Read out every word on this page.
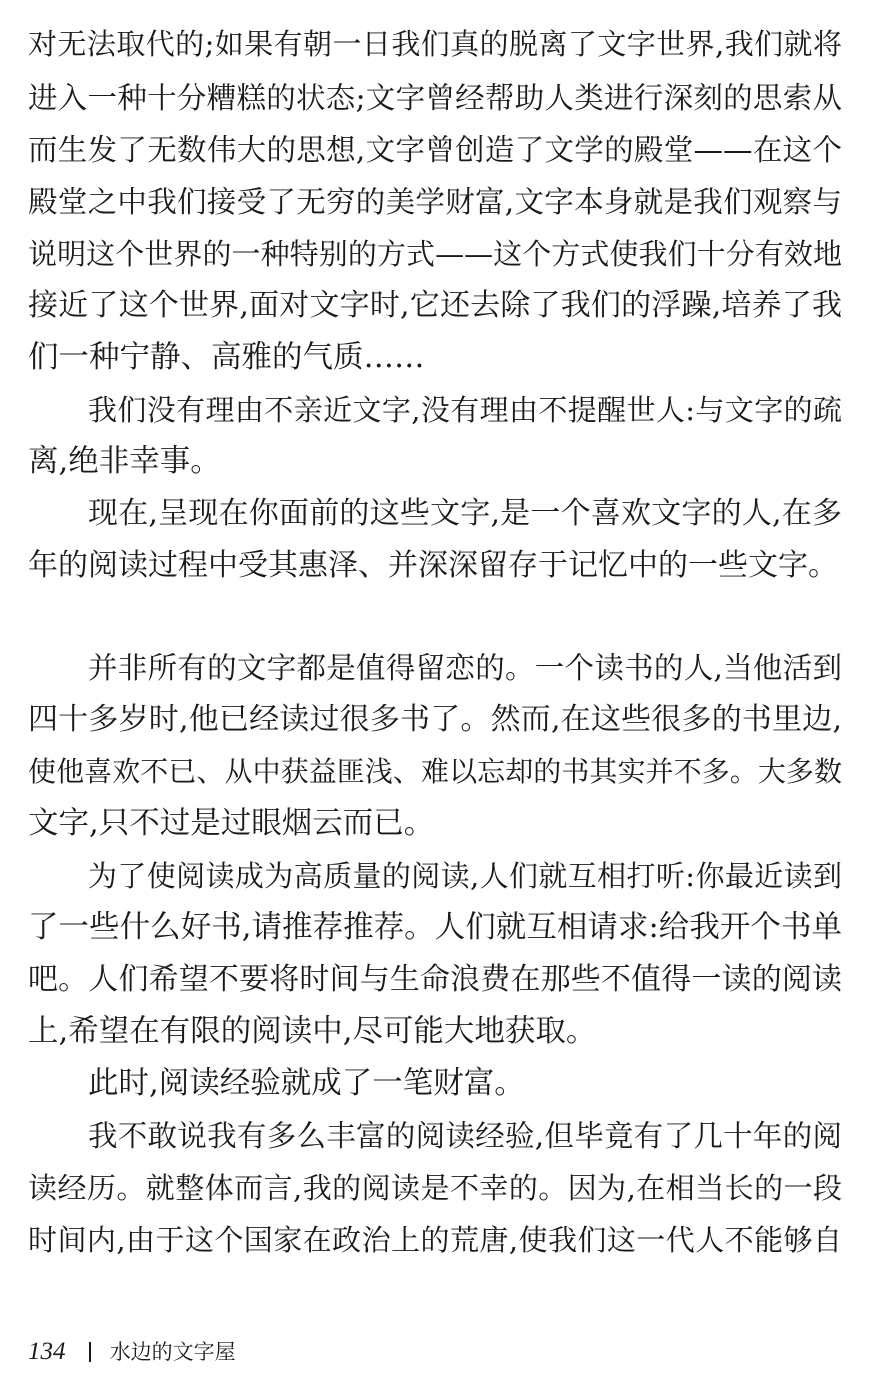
对无法取代的;如果有朝一日我们真的脱离了文字世界,我们就将
进入一种十分糟糕的状态;文字曾经帮助人类进行深刻的思索从
而生发了无数伟大的思想,文字曾创造了文学的殿堂——在这个
殿堂之中我们接受了无穷的美学财富,文字本身就是我们观察与
说明这个世界的一种特别的方式——这个方式使我们十分有效地
接近了这个世界,面对文字时,它还去除了我们的浮躁,培养了我
们一种宁静、高雅的气质……
我们没有理由不亲近文字,没有理由不提醒世人:与文字的疏
离,绝非幸事。
现在,呈现在你面前的这些文字,是一个喜欢文字的人,在多
年的阅读过程中受其惠泽、并深深留存于记忆中的一些文字。
并非所有的文字都是值得留恋的。一个读书的人,当他活到
四十多岁时,他已经读过很多书了。然而,在这些很多的书里边,
使他喜欢不已、从中获益匪浅、难以忘却的书其实并不多。大多数
文字,只不过是过眼烟云而已。
为了使阅读成为高质量的阅读,人们就互相打听:你最近读到
了一些什么好书,请推荐推荐。人们就互相请求:给我开个书单
吧。人们希望不要将时间与生命浪费在那些不值得一读的阅读
上,希望在有限的阅读中,尽可能大地获取。
此时,阅读经验就成了一笔财富。
我不敢说我有多么丰富的阅读经验,但毕竟有了几十年的阅
读经历。就整体而言,我的阅读是不幸的。因为,在相当长的一段
时间内,由于这个国家在政治上的荒唐,使我们这一代人不能够自
134 水边的文字屋
